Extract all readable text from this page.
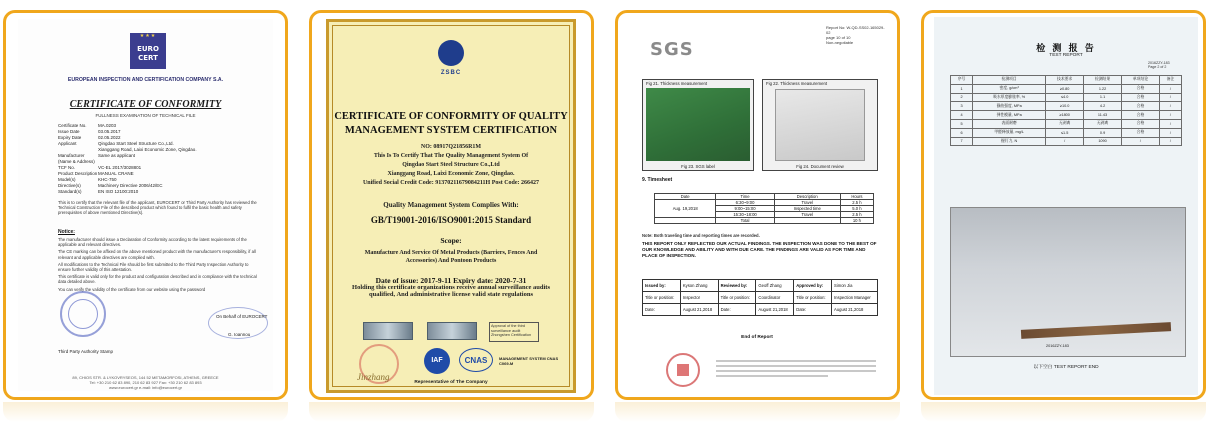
★★★
EURO CERT
EUROPEAN INSPECTION AND CERTIFICATION COMPANY S.A.
CERTIFICATE OF CONFORMITY
FULLNESS EXAMINATION OF TECHNICAL FILE
Certificate No.	MA.0203
Issue Date	03.05.2017
Expiry Date	02.05.2022
Applicant	Qingdao Start Steel Structure Co.,Ltd.
Xianggang Road, Laixi Economic Zone, Qingdao.
Manufacturer	Same as applicant
(Name & Address)
TCF No.	VC-EL 2017/3028801
Product Description MANUAL CRANE
Model(s)	KHC-750
Directive(s)	Machinery Directive 2006/42/EC
Standard(s)	EN ISO 12100:2010
This is to certify that the relevant file of the applicant, EUROCERT or Third Party Authority has reviewed the Technical Construction File of the described product which found to fulfil the basic health and safety prerequisites of above mentioned Directive(s).
Notice:
The manufacturer should issue a Declaration of Conformity according to the latest requirements of the applicable and relevant directives.
The CE marking can be affixed on the above mentioned product with the manufacturer's responsibility, if all relevant and applicable directives are complied with.
All modifications to the Technical File should be first submitted to the Third Party Inspection Authority to ensure further validity of this attestation.
This certificate is valid only for the product and configuration described and in compliance with the technical data detailed above.
You can verify the validity of the certificate from our website using the password
On Behalf of EUROCERT
G. Ioannou
Third Party Authority Stamp
89, CHIOS STR. & LYKOVRYSEOS, 144 52 METAMORFOSI, ATHENS, GREECE
Tel: +30 210 62 83 890, 210 62 83 927 Fax: +30 210 62 83 893
www.eurocert.gr e-mail: info@eurocert.gr
ZSBC
CERTIFICATE OF CONFORMITY OF QUALITY MANAGEMENT SYSTEM CERTIFICATION
NO: 08917Q21856R1M
This Is To Certify That The Quality Management System Of
Qingdao Start Steel Structure Co.,Ltd
Xianggang Road, Laixi Economic Zone, Qingdao.
Unified Social Credit Code: 91370211679084211H Post Code: 266427
Quality Management System Complies With:
GB/T19001-2016/ISO9001:2015 Standard
Scope:
Manufacture And Service Of Metal Products (Barriers, Fences And Accessories) And Pontoon Products
Date of issue: 2017-9-11 Expiry date: 2020-7-31
Holding this certificate organizations receive annual surveillance audits qualified, And administrative license valid state regulations
Approval of the third surveillance audit Zhongshen Certification
Jinzhang
IAF	CNAS	MANAGEMENT SYSTEM CNAS C069-M
Representative of The Company
SGS
Report No: W-QD-SS02-165029-02
page 10 of 10
Non-negotiable
Fig 21. Thickness measurement
Fig 23. SGS label
Fig 22. Thickness measurement
Fig 24. Document review
9. Timesheet
Date	Time	Description	Hours
Aug. 19,2018	6:30~9:00	Travel	2.5 h
	9:00~15:00	Inspected time	5.0 h
	15:30~18:00	Travel	2.5 h
	Total		10 h
Note: Both traveling time and reporting times are recorded.
THIS REPORT ONLY REFLECTED OUR ACTUAL FINDINGS. THE INSPECTION WAS DONE TO THE BEST OF OUR KNOWLEDGE AND ABILITY AND WITH DUE CARE. THE FINDINGS ARE VALID AS FOR TIME AND PLACE OF INSPECTION.
Issued by:	Kyson Zhang	Reviewed by:	Geoff Zhang	Approved by:	Simon Jia
Title or position:	Inspector	Title or position:	Coordinator	Title or position:	Inspection Manager
Date:	August 21,2018	Date:	August 21,2018	Date:	August 21,2018
End of Report
检 测 报 告
TEST REPORT
2016ZZY-183
Page 2 of 2
序号	检测项目	技术要求	检测结果	单项结论	备注
1	密度, g/cm³	≥0.80	1.22	合格	/
2	吸水厚度膨胀率, %	≤4.0	1.1	合格	/
3	静曲强度, MPa	≥10.0	4.2	合格	/
4	弹性模量, MPa	≥1800	11.43	合格	/
5	表面耐磨	无剥离	无剥离	合格	/
6	甲醛释放量, mg/L	≤1.5	0.9	合格	/
7	握钉力, N	/	1090	/	/
2016ZZY-183
以下空白 TEST REPORT END
